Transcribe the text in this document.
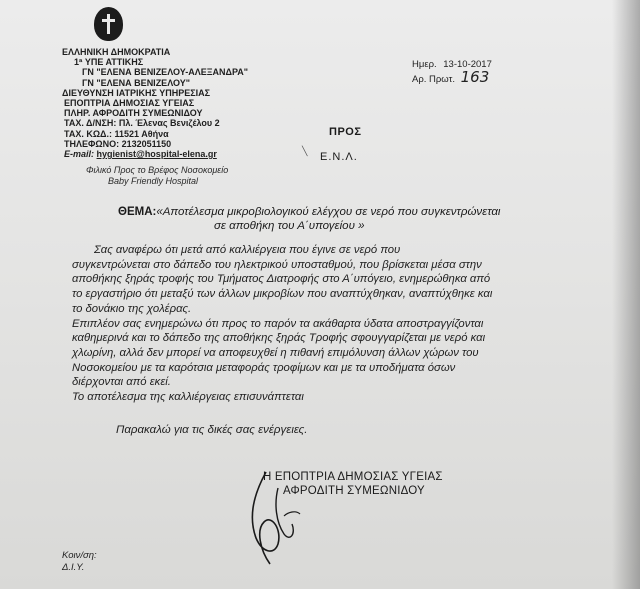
ΕΛΛΗΝΙΚΗ ΔΗΜΟΚΡΑΤΙΑ
1ª ΥΠΕ ΑΤΤΙΚΗΣ
ΓΝ "ΕΛΕΝΑ ΒΕΝΙΖΕΛΟΥ-ΑΛΕΞΑΝΔΡΑ"
ΓΝ "ΕΛΕΝΑ ΒΕΝΙΖΕΛΟΥ"
ΔΙΕΥΘΥΝΣΗ ΙΑΤΡΙΚΗΣ ΥΠΗΡΕΣΙΑΣ
ΕΠΟΠΤΡΙΑ ΔΗΜΟΣΙΑΣ ΥΓΕΙΑΣ
ΠΛΗΡ. ΑΦΡΟΔΙΤΗ ΣΥΜΕΩΝΙΔΟΥ
ΤΑΧ. Δ/ΝΣΗ: Πλ. Έλενας Βενιζέλου 2
ΤΑΧ. ΚΩΔ.: 11521 Αθήνα
ΤΗΛΕΦΩΝΟ: 2132051150
E-mail: hygienist@hospital-elena.gr
Φιλικό Προς το Βρέφος Νοσοκομείο
Baby Friendly Hospital
Ημερ. 13-10-2017
Αρ. Πρωτ. 163
ΠΡΟΣ
╲ Ε.Ν.Λ.
ΘΕΜΑ:«Αποτέλεσμα μικροβιολογικού ελέγχου σε νερό που συγκεντρώνεται
σε αποθήκη του Α΄υπογείου »
Σας αναφέρω ότι μετά από καλλιέργεια που έγινε σε νερό που
συγκεντρώνεται στο δάπεδο του ηλεκτρικού υποσταθμού, που βρίσκεται μέσα στην
αποθήκης ξηράς τροφής του Τμήματος Διατροφής στο Α΄υπόγειο, ενημερώθηκα από
το εργαστήριο ότι μεταξύ των άλλων μικροβίων που αναπτύχθηκαν, αναπτύχθηκε και
το δονάκιο της χολέρας.
Επιπλέον σας ενημερώνω ότι προς το παρόν τα ακάθαρτα ύδατα αποστραγγίζονται
καθημερινά και το δάπεδο της αποθήκης ξηράς Τροφής σφουγγαρίζεται με νερό και
χλωρίνη, αλλά δεν μπορεί να αποφευχθεί η πιθανή επιμόλυνση άλλων χώρων του
Νοσοκομείου με τα καρότσια μεταφοράς τροφίμων και με τα υποδήματα όσων
διέρχονται από εκεί.
Το αποτέλεσμα της καλλιέργειας επισυνάπτεται
Παρακαλώ για τις δικές σας ενέργειες.
Η ΕΠΟΠΤΡΙΑ ΔΗΜΟΣΙΑΣ ΥΓΕΙΑΣ
ΑΦΡΟΔΙΤΗ ΣΥΜΕΩΝΙΔΟΥ
Κοιν/ση:
Δ.Ι.Υ.
